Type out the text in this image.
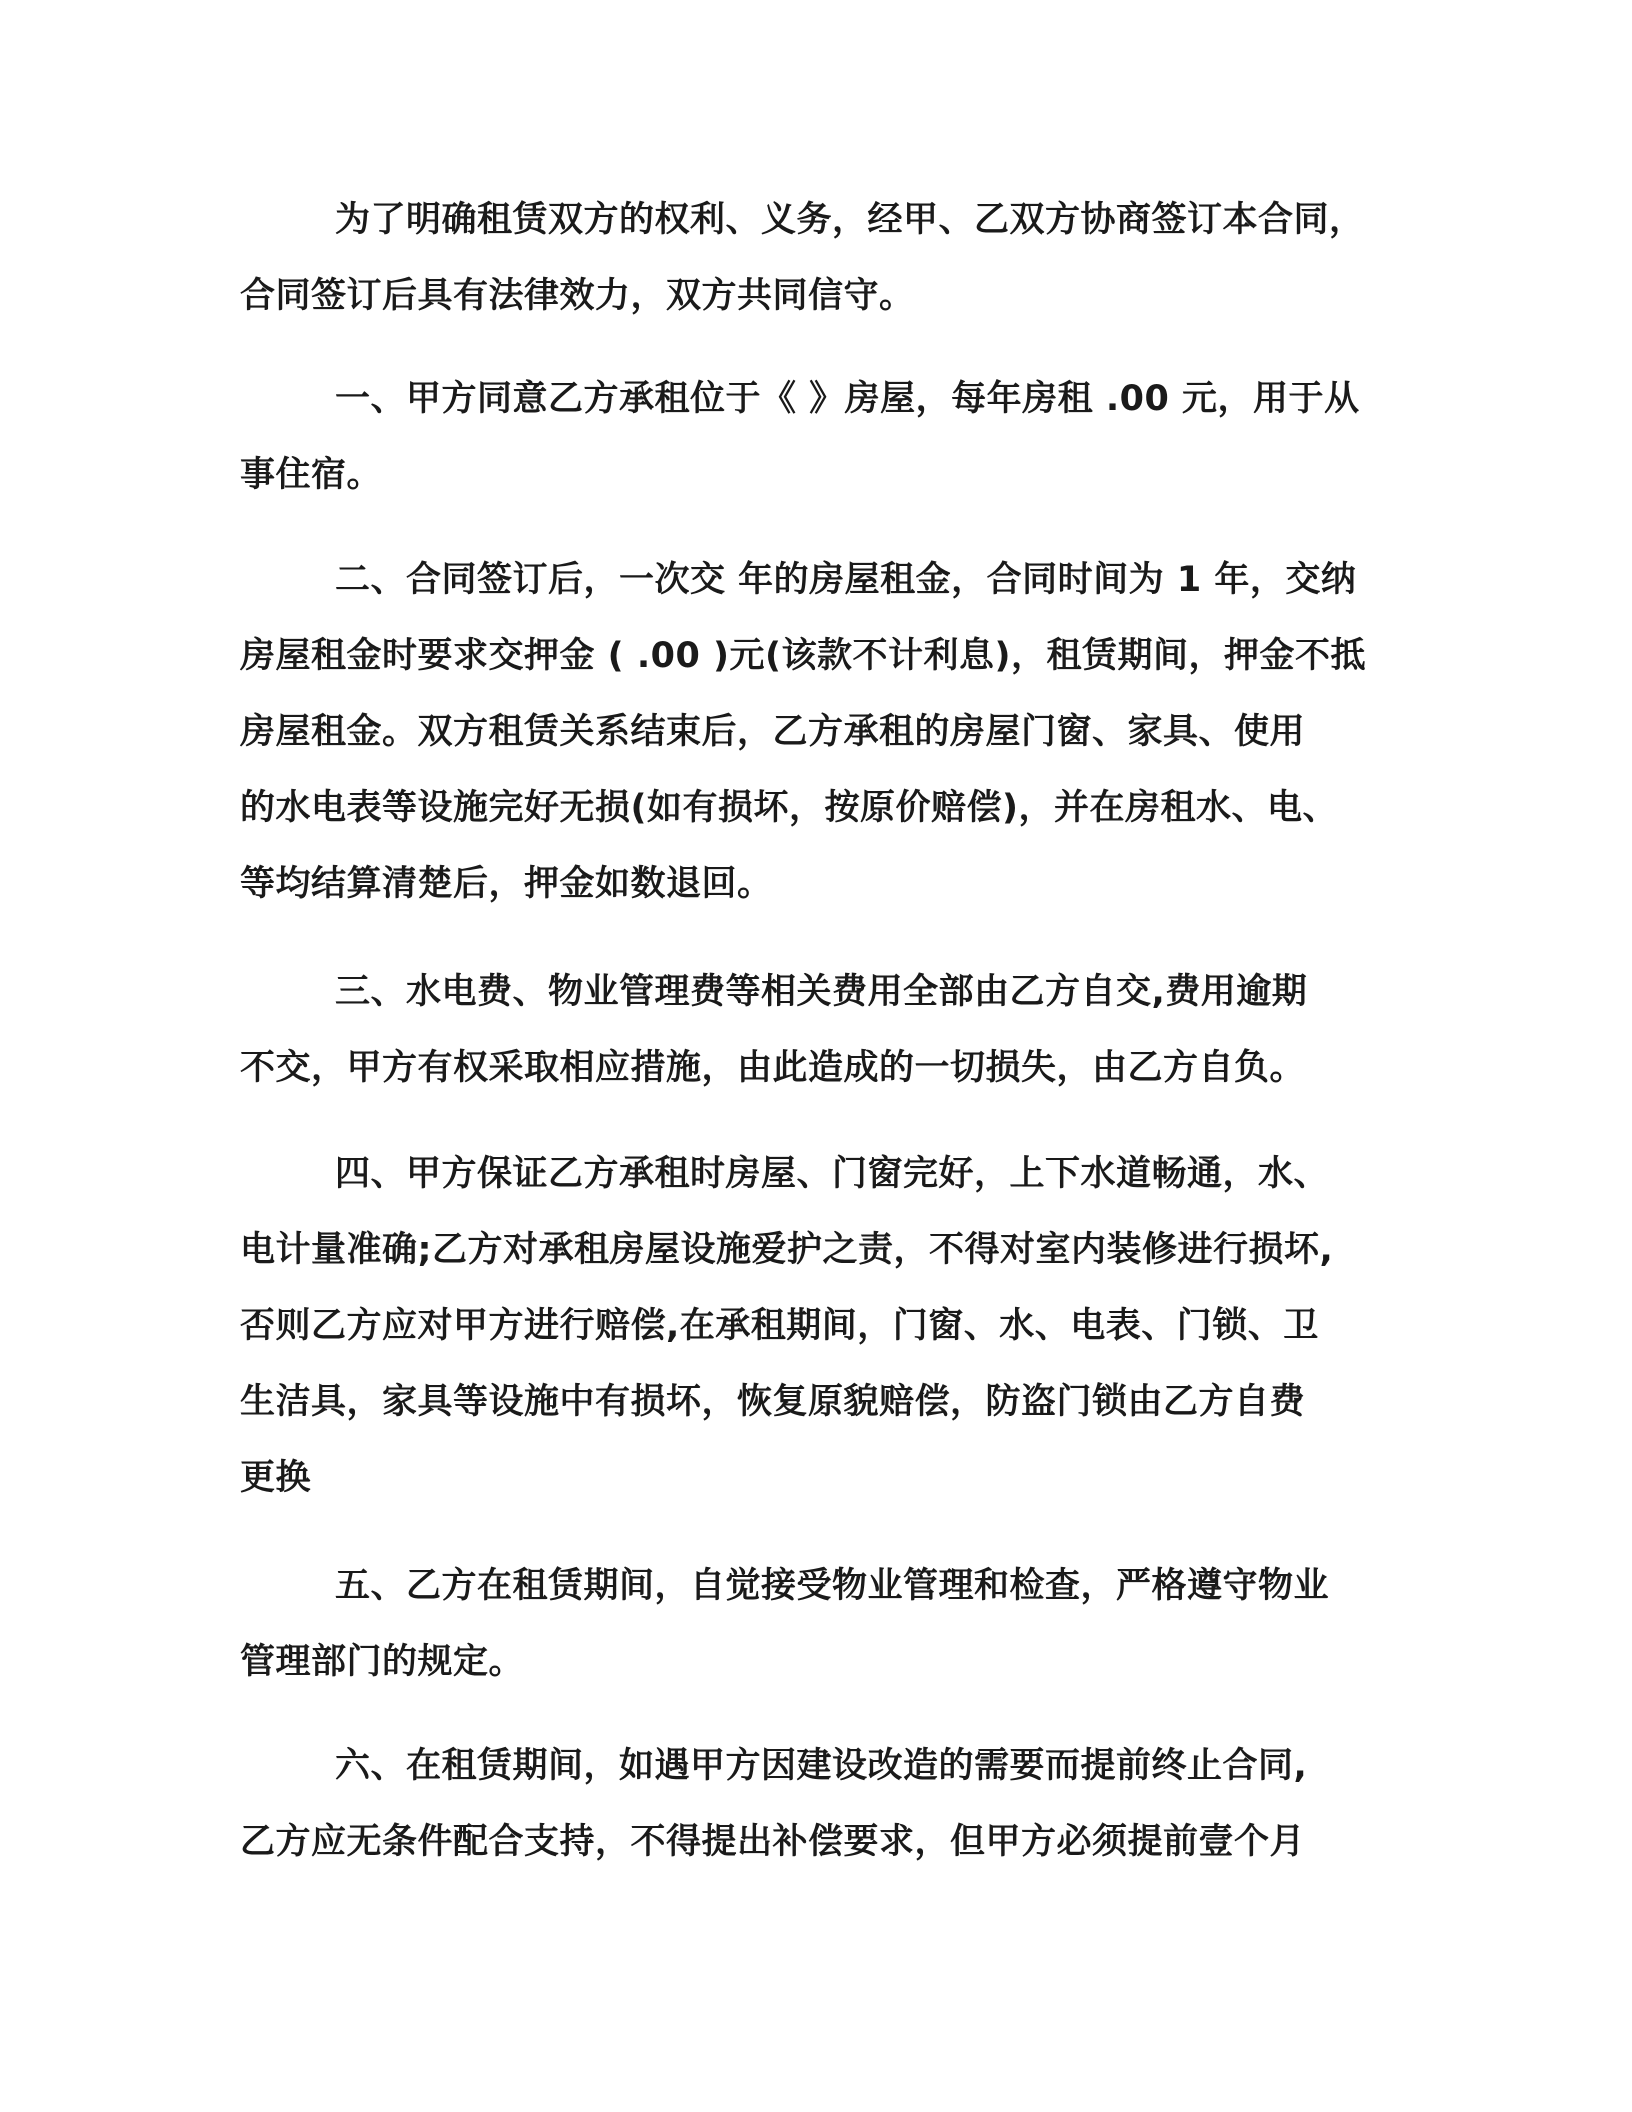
为了明确租赁双方的权利、义务，经甲、乙双方协商签订本合同，
合同签订后具有法律效力，双方共同信守。

一、甲方同意乙方承租位于《 》房屋，每年房租 .00 元，用于从
事住宿。

二、合同签订后，一次交 年的房屋租金，合同时间为 1 年，交纳
房屋租金时要求交押金 ( .00 )元(该款不计利息)，租赁期间，押金不抵
房屋租金。双方租赁关系结束后，乙方承租的房屋门窗、家具、使用
的水电表等设施完好无损(如有损坏，按原价赔偿)，并在房租水、电、
等均结算清楚后，押金如数退回。

三、水电费、物业管理费等相关费用全部由乙方自交,费用逾期
不交，甲方有权采取相应措施，由此造成的一切损失，由乙方自负。

四、甲方保证乙方承租时房屋、门窗完好，上下水道畅通，水、
电计量准确;乙方对承租房屋设施爱护之责，不得对室内装修进行损坏,
否则乙方应对甲方进行赔偿,在承租期间，门窗、水、电表、门锁、卫
生洁具，家具等设施中有损坏，恢复原貌赔偿，防盗门锁由乙方自费
更换

五、乙方在租赁期间，自觉接受物业管理和检查，严格遵守物业
管理部门的规定。

六、在租赁期间，如遇甲方因建设改造的需要而提前终止合同,
乙方应无条件配合支持，不得提出补偿要求，但甲方必须提前壹个月
